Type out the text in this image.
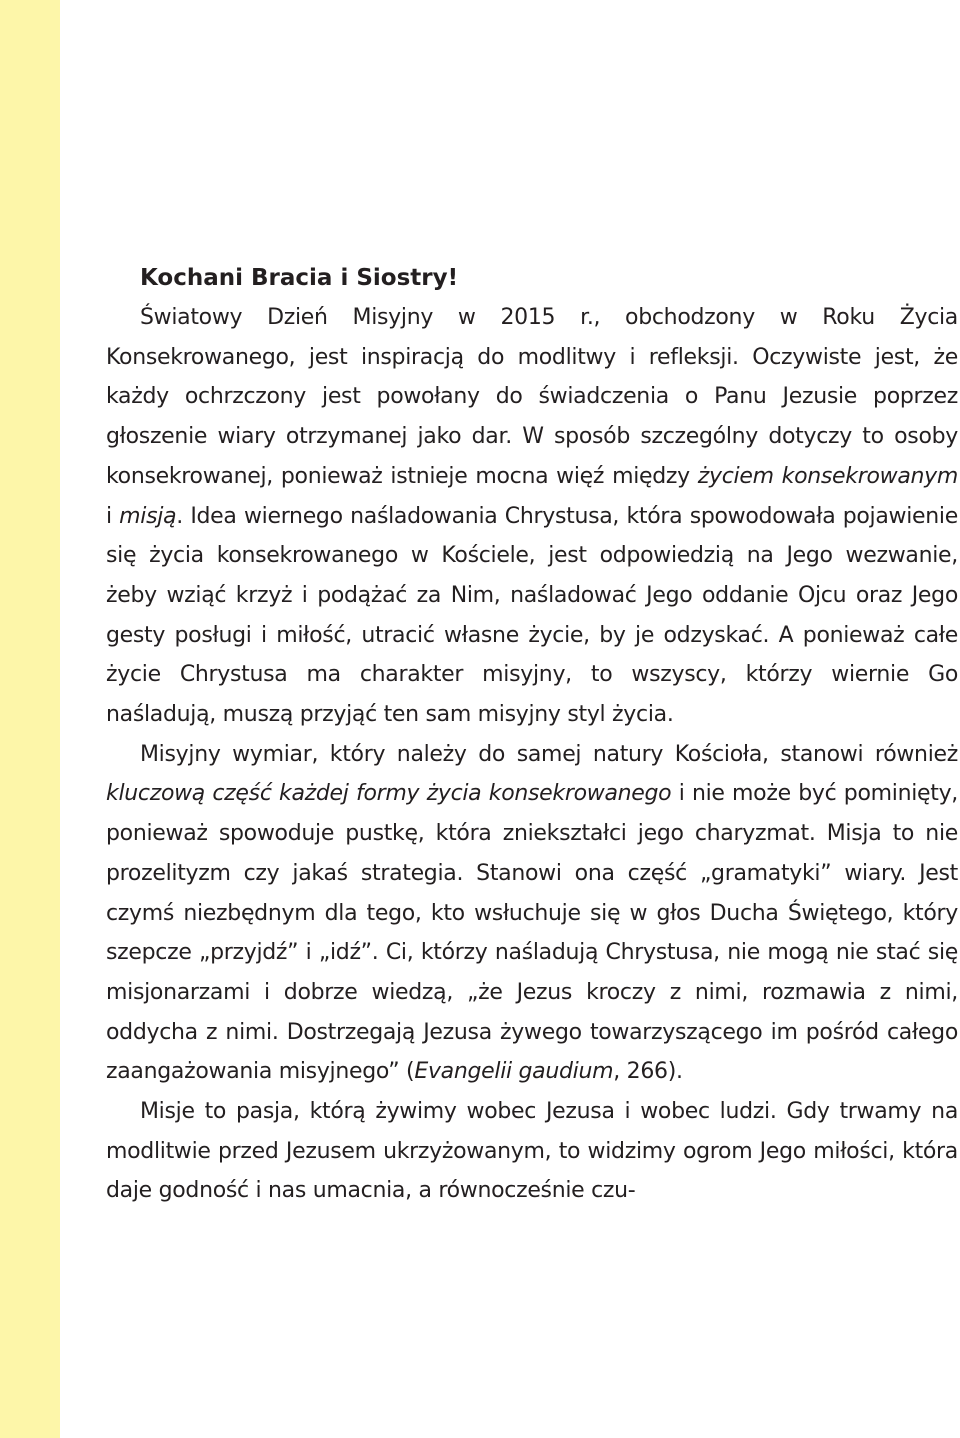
Kochani Bracia i Siostry!

Światowy Dzień Misyjny w 2015 r., obchodzony w Roku Życia Konsekrowanego, jest inspiracją do modlitwy i refleksji. Oczywiste jest, że każdy ochrzczony jest powołany do świadczenia o Panu Jezusie poprzez głoszenie wiary otrzymanej jako dar. W sposób szczególny dotyczy to osoby konsekrowanej, ponieważ istnieje mocna więź między życiem konsekrowanym i misją. Idea wiernego naśladowania Chrystusa, która spowodowała pojawienie się życia konsekrowanego w Kościele, jest odpowiedzią na Jego wezwanie, żeby wziąć krzyż i podążać za Nim, naśladować Jego oddanie Ojcu oraz Jego gesty posługi i miłość, utracić własne życie, by je odzyskać. A ponieważ całe życie Chrystusa ma charakter misyjny, to wszyscy, którzy wiernie Go naśladują, muszą przyjąć ten sam misyjny styl życia.

Misyjny wymiar, który należy do samej natury Kościoła, stanowi również kluczową część każdej formy życia konsekrowanego i nie może być pominięty, ponieważ spowoduje pustkę, która zniekształci jego charyzmat. Misja to nie prozelityzm czy jakaś strategia. Stanowi ona część „gramatyki” wiary. Jest czymś niezbędnym dla tego, kto wsłuchuje się w głos Ducha Świętego, który szepcze „przyjdź” i „idź”. Ci, którzy naśladują Chrystusa, nie mogą nie stać się misjonarzami i dobrze wiedzą, „że Jezus kroczy z nimi, rozmawia z nimi, oddycha z nimi. Dostrzegają Jezusa żywego towarzyszącego im pośród całego zaangażowania misyjnego” (Evangelii gaudium, 266).

Misje to pasja, którą żywimy wobec Jezusa i wobec ludzi. Gdy trwamy na modlitwie przed Jezusem ukrzyżowanym, to widzimy ogrom Jego miłości, która daje godność i nas umacnia, a równocześnie czu-
